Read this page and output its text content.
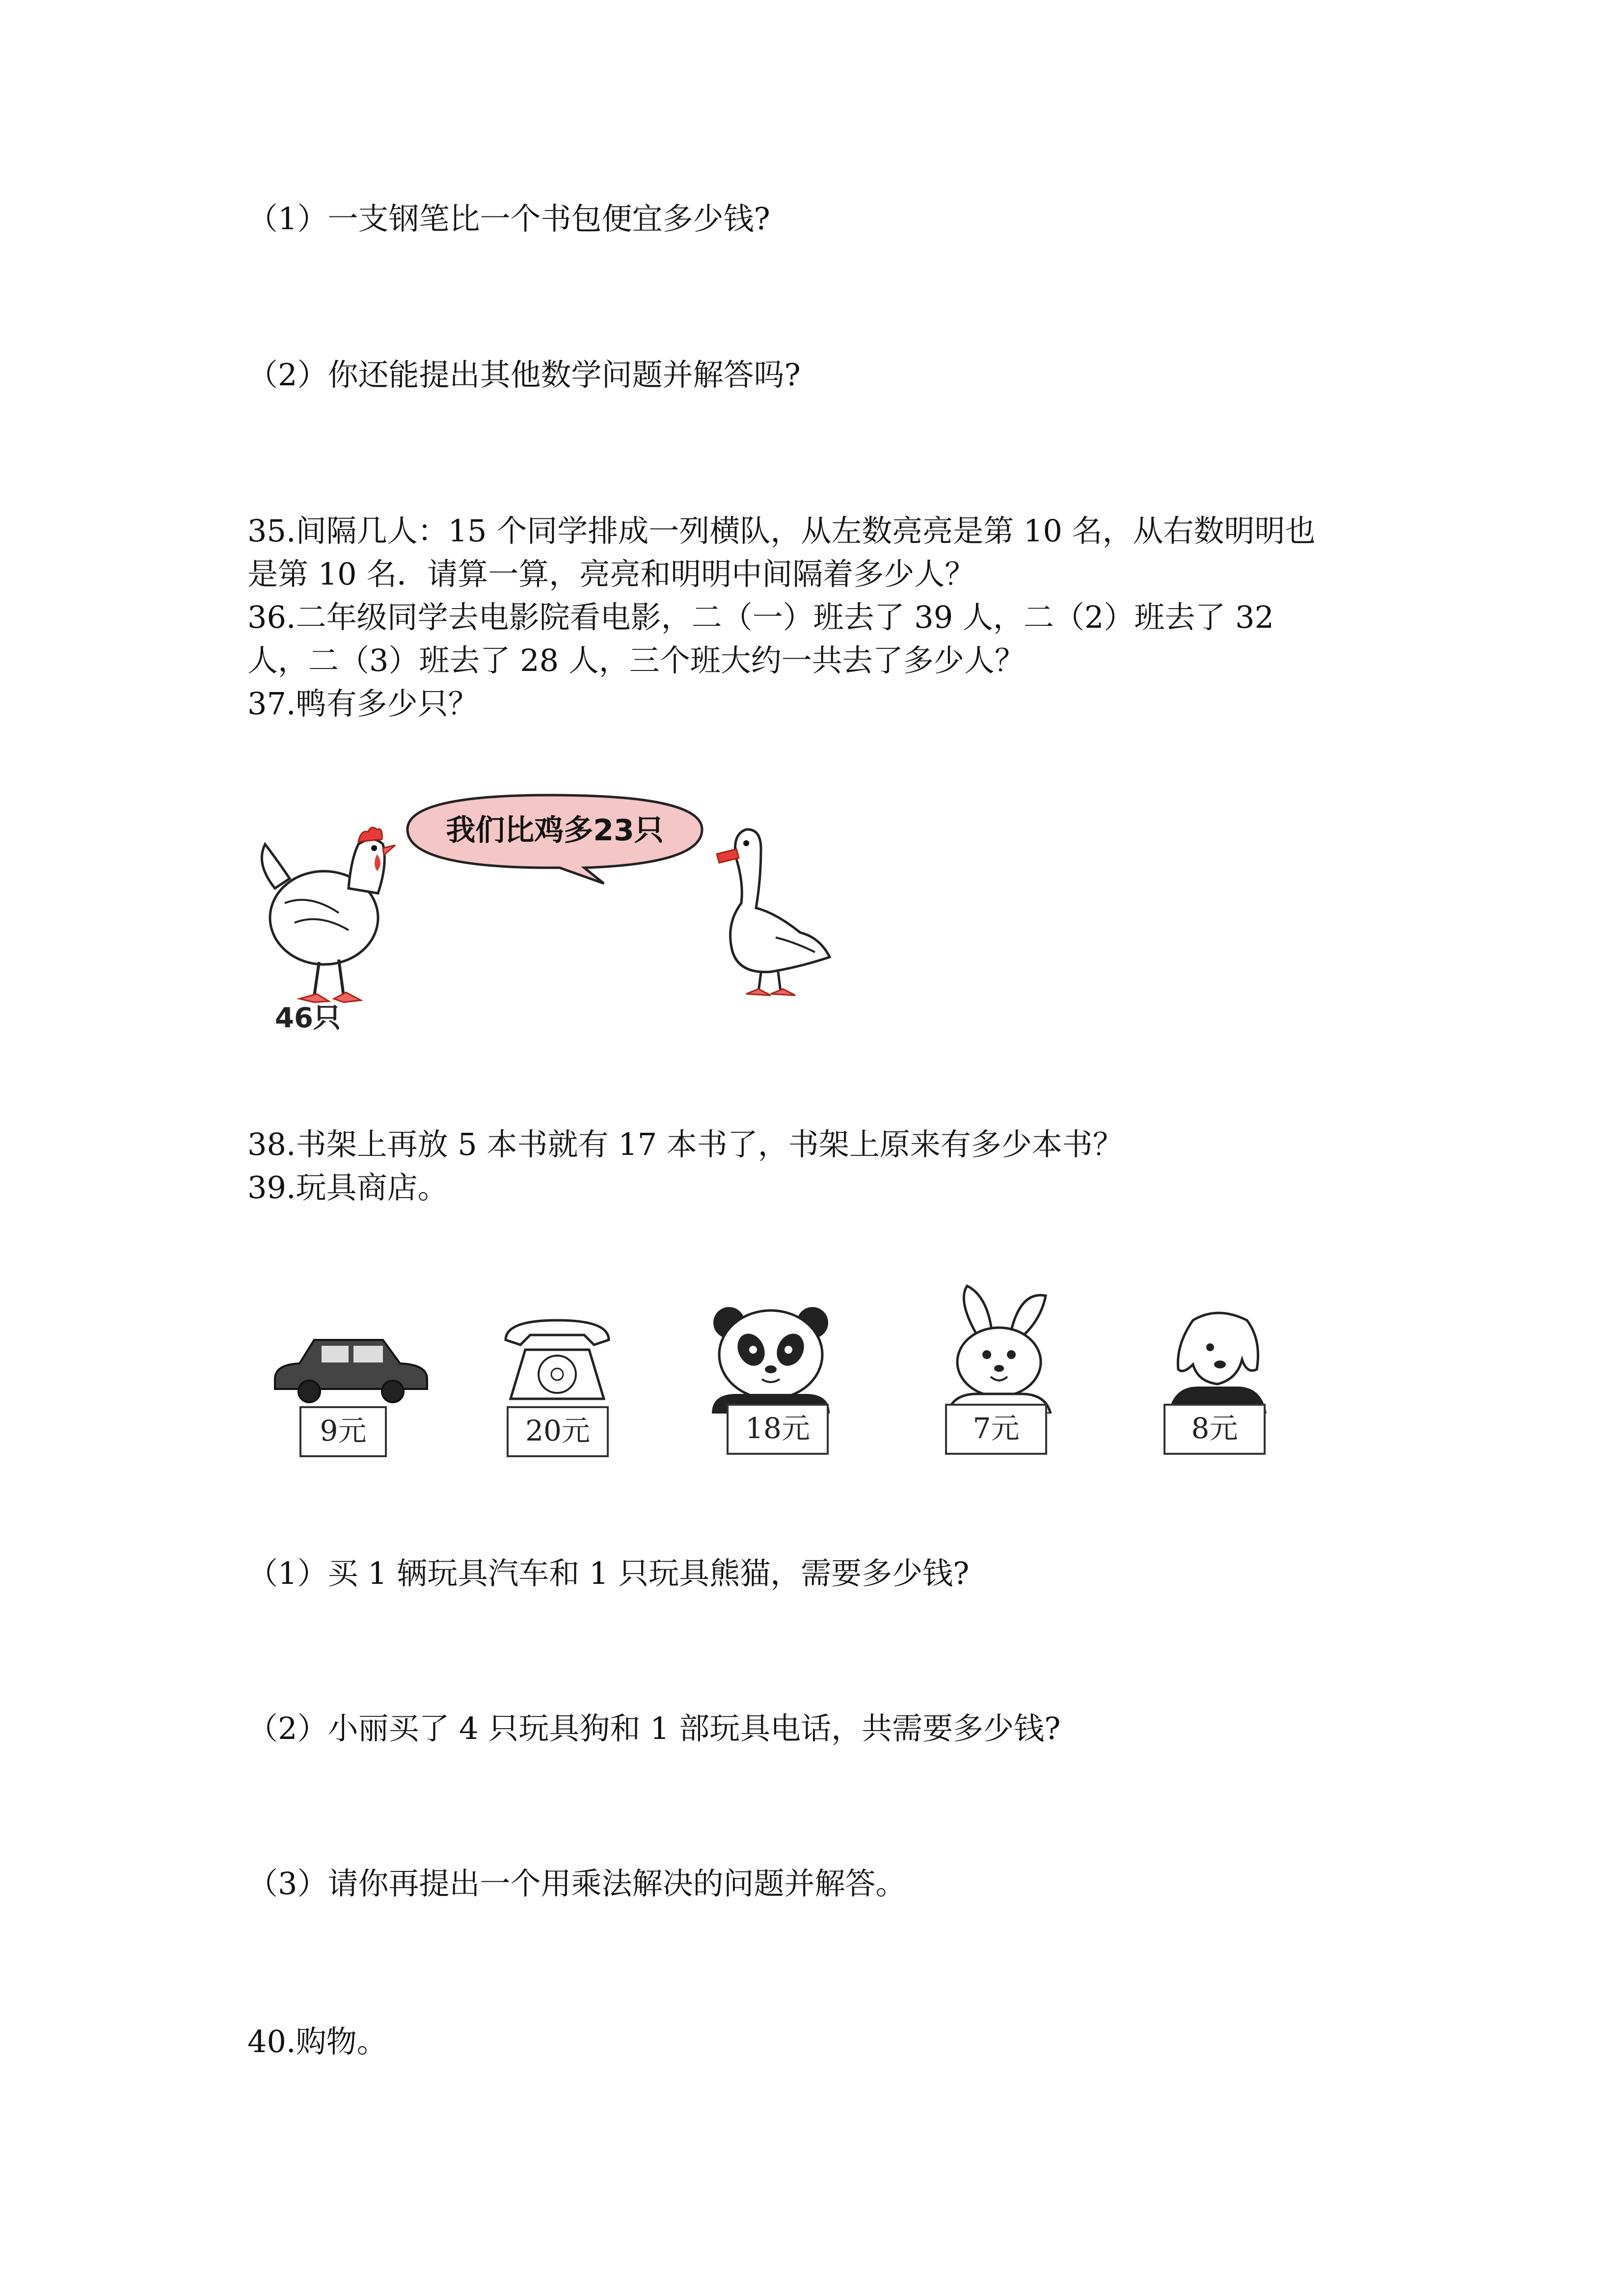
（1）一支钢笔比一个书包便宜多少钱?

（2）你还能提出其他数学问题并解答吗?

35.间隔几人：15 个同学排成一列横队，从左数亮亮是第 10 名，从右数明明也

是第 10 名．请算一算，亮亮和明明中间隔着多少人？

36.二年级同学去电影院看电影，二（一）班去了 39 人，二（2）班去了 32

人，二（3）班去了 28 人，三个班大约一共去了多少人？

37.鸭有多少只？

我们比鸡多23只
46只

38.书架上再放 5 本书就有 17 本书了，书架上原来有多少本书？

39.玩具商店。

9元	20元	18元	7元	8元

（1）买 1 辆玩具汽车和 1 只玩具熊猫，需要多少钱?

（2）小丽买了 4 只玩具狗和 1 部玩具电话，共需要多少钱?

（3）请你再提出一个用乘法解决的问题并解答。

40.购物。
